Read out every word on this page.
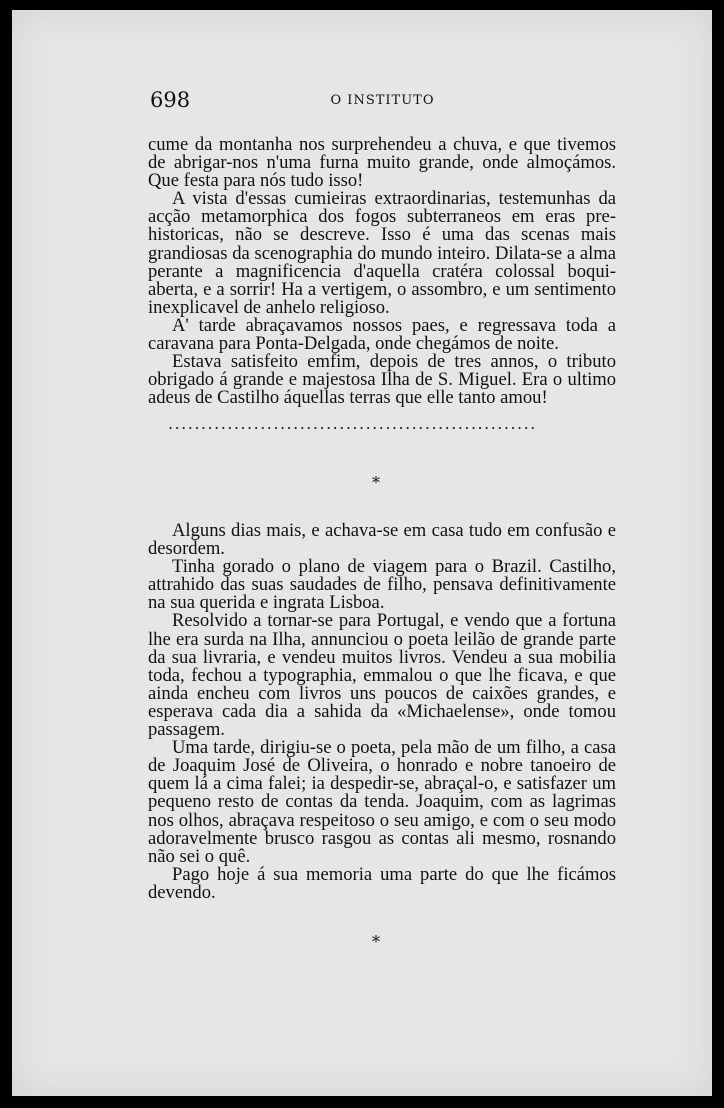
698	O INSTITUTO

cume da montanha nos surprehendeu a chuva, e que tivemos de abrigar-nos n'uma furna muito grande, onde almoçámos. Que festa para nós tudo isso!

A vista d'essas cumieiras extraordinarias, testemunhas da acção metamorphica dos fogos subterraneos em eras pre-historicas, não se descreve. Isso é uma das scenas mais grandiosas da scenographia do mundo inteiro. Dilata-se a alma perante a magnificencia d'aquella cratéra colossal boqui-aberta, e a sorrir! Ha a vertigem, o assombro, e um sentimento inexplicavel de anhelo religioso.

A' tarde abraçavamos nossos paes, e regressava toda a caravana para Ponta-Delgada, onde chegámos de noite.

Estava satisfeito emfim, depois de tres annos, o tributo obrigado á grande e majestosa Ilha de S. Miguel. Era o ultimo adeus de Castilho áquellas terras que elle tanto amou!

........................................................
*

Alguns dias mais, e achava-se em casa tudo em confusão e desordem.

Tinha gorado o plano de viagem para o Brazil. Castilho, attrahido das suas saudades de filho, pensava definitivamente na sua querida e ingrata Lisboa.

Resolvido a tornar-se para Portugal, e vendo que a fortuna lhe era surda na Ilha, annunciou o poeta leilão de grande parte da sua livraria, e vendeu muitos livros. Vendeu a sua mobilia toda, fechou a typographia, emmalou o que lhe ficava, e que ainda encheu com livros uns poucos de caixões grandes, e esperava cada dia a sahida da «Michaelense», onde tomou passagem.

Uma tarde, dirigiu-se o poeta, pela mão de um filho, a casa de Joaquim José de Oliveira, o honrado e nobre tanoeiro de quem lá a cima falei; ia despedir-se, abraçal-o, e satisfazer um pequeno resto de contas da tenda. Joaquim, com as lagrimas nos olhos, abraçava respeitoso o seu amigo, e com o seu modo adoravelmente brusco rasgou as contas ali mesmo, rosnando não sei o quê.

Pago hoje á sua memoria uma parte do que lhe ficámos devendo.

*
